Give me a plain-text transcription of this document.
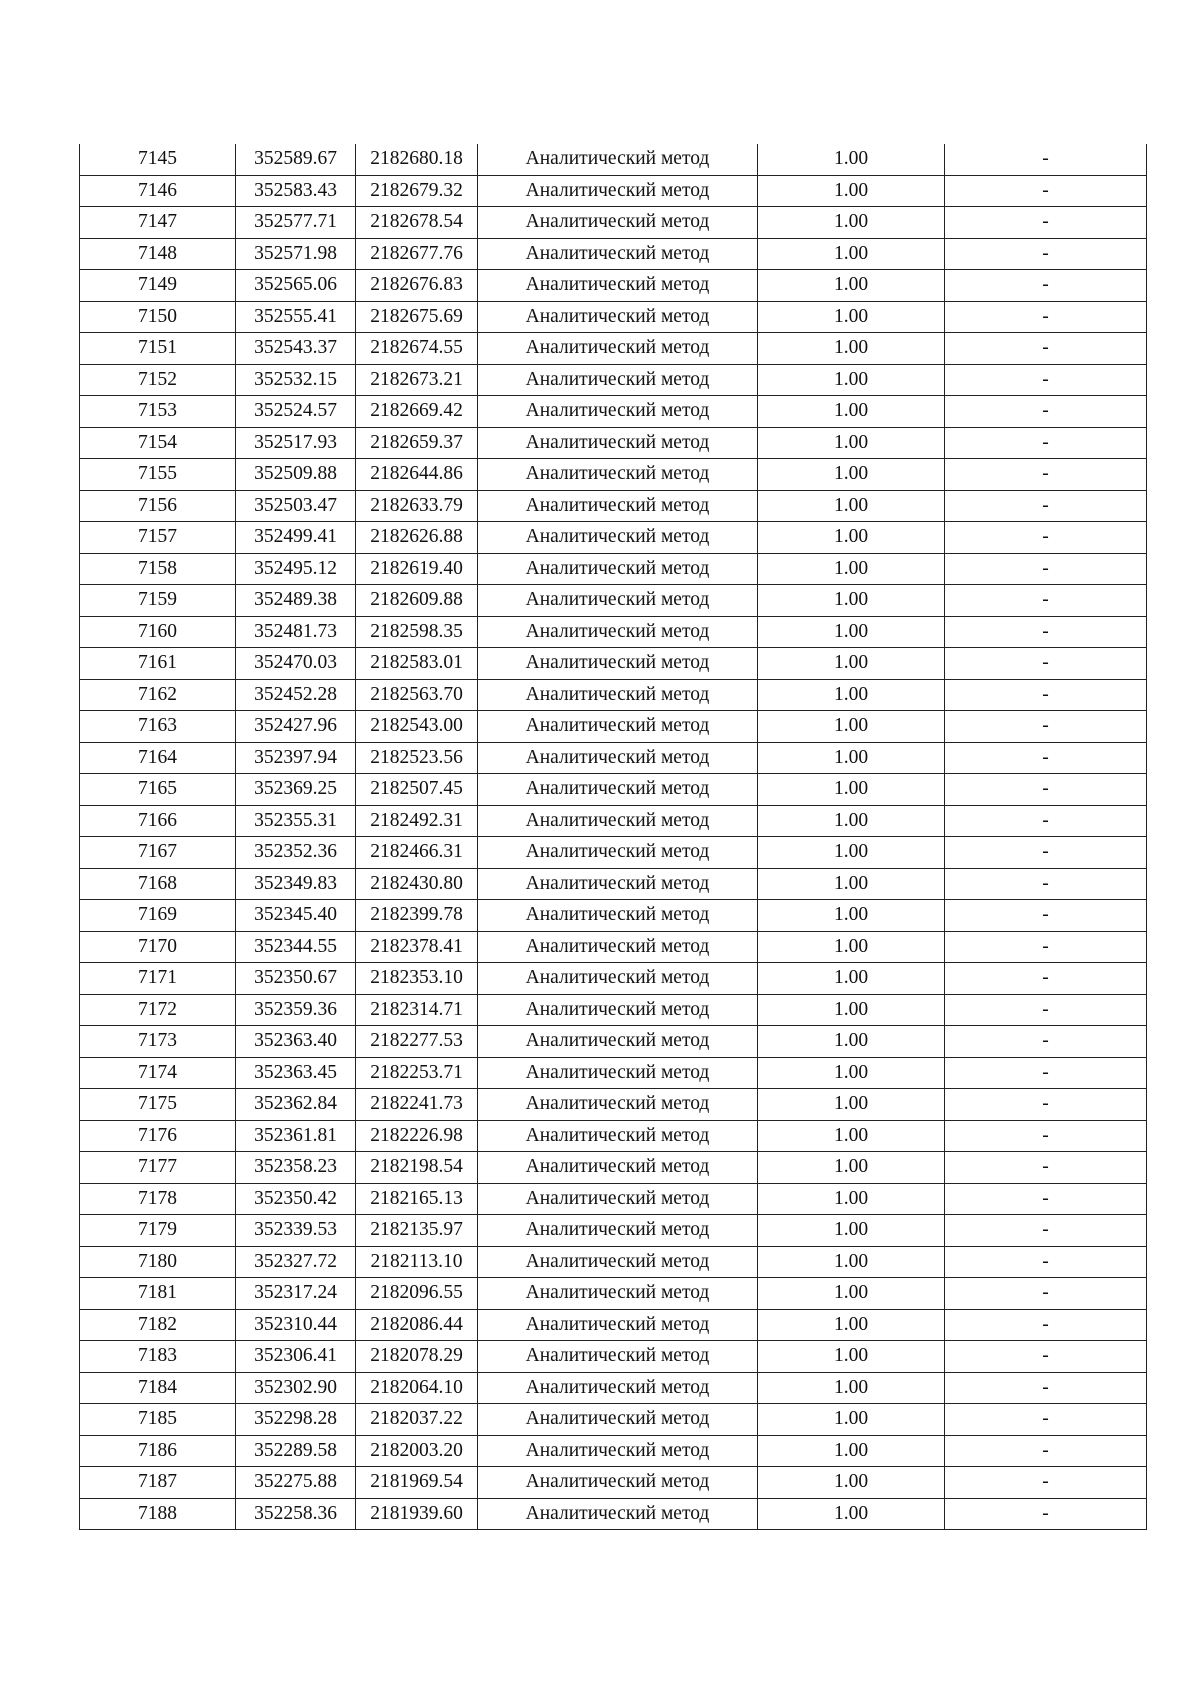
7145	352589.67	2182680.18	Аналитический метод	1.00	-
7146	352583.43	2182679.32	Аналитический метод	1.00	-
7147	352577.71	2182678.54	Аналитический метод	1.00	-
7148	352571.98	2182677.76	Аналитический метод	1.00	-
7149	352565.06	2182676.83	Аналитический метод	1.00	-
7150	352555.41	2182675.69	Аналитический метод	1.00	-
7151	352543.37	2182674.55	Аналитический метод	1.00	-
7152	352532.15	2182673.21	Аналитический метод	1.00	-
7153	352524.57	2182669.42	Аналитический метод	1.00	-
7154	352517.93	2182659.37	Аналитический метод	1.00	-
7155	352509.88	2182644.86	Аналитический метод	1.00	-
7156	352503.47	2182633.79	Аналитический метод	1.00	-
7157	352499.41	2182626.88	Аналитический метод	1.00	-
7158	352495.12	2182619.40	Аналитический метод	1.00	-
7159	352489.38	2182609.88	Аналитический метод	1.00	-
7160	352481.73	2182598.35	Аналитический метод	1.00	-
7161	352470.03	2182583.01	Аналитический метод	1.00	-
7162	352452.28	2182563.70	Аналитический метод	1.00	-
7163	352427.96	2182543.00	Аналитический метод	1.00	-
7164	352397.94	2182523.56	Аналитический метод	1.00	-
7165	352369.25	2182507.45	Аналитический метод	1.00	-
7166	352355.31	2182492.31	Аналитический метод	1.00	-
7167	352352.36	2182466.31	Аналитический метод	1.00	-
7168	352349.83	2182430.80	Аналитический метод	1.00	-
7169	352345.40	2182399.78	Аналитический метод	1.00	-
7170	352344.55	2182378.41	Аналитический метод	1.00	-
7171	352350.67	2182353.10	Аналитический метод	1.00	-
7172	352359.36	2182314.71	Аналитический метод	1.00	-
7173	352363.40	2182277.53	Аналитический метод	1.00	-
7174	352363.45	2182253.71	Аналитический метод	1.00	-
7175	352362.84	2182241.73	Аналитический метод	1.00	-
7176	352361.81	2182226.98	Аналитический метод	1.00	-
7177	352358.23	2182198.54	Аналитический метод	1.00	-
7178	352350.42	2182165.13	Аналитический метод	1.00	-
7179	352339.53	2182135.97	Аналитический метод	1.00	-
7180	352327.72	2182113.10	Аналитический метод	1.00	-
7181	352317.24	2182096.55	Аналитический метод	1.00	-
7182	352310.44	2182086.44	Аналитический метод	1.00	-
7183	352306.41	2182078.29	Аналитический метод	1.00	-
7184	352302.90	2182064.10	Аналитический метод	1.00	-
7185	352298.28	2182037.22	Аналитический метод	1.00	-
7186	352289.58	2182003.20	Аналитический метод	1.00	-
7187	352275.88	2181969.54	Аналитический метод	1.00	-
7188	352258.36	2181939.60	Аналитический метод	1.00	-
